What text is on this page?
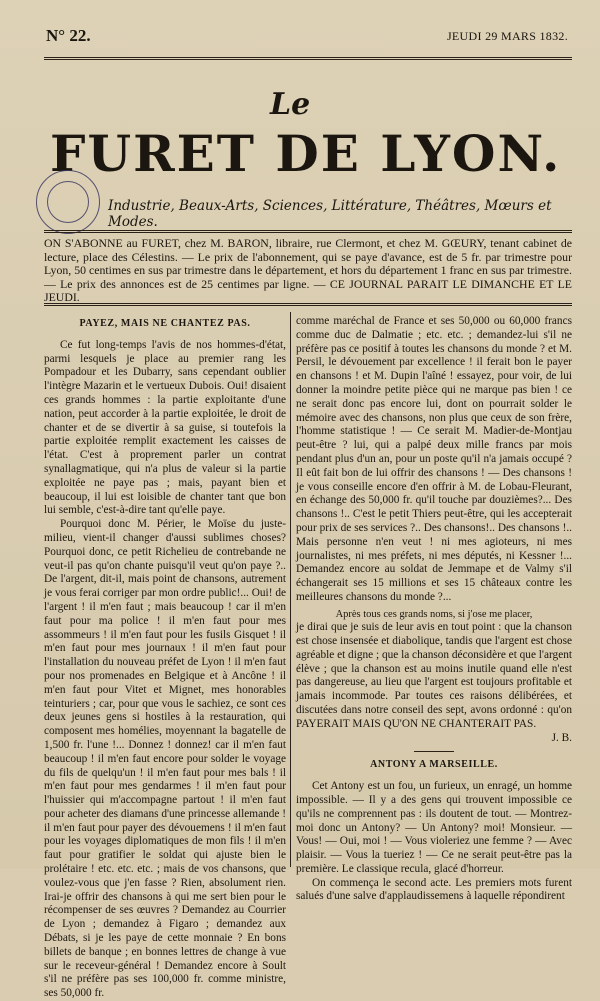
N° 22.	JEUDI 29 MARS 1832.
Le
FURET DE LYON.
Industrie, Beaux-Arts, Sciences, Littérature, Théâtres, Mœurs et Modes.
ON S'ABONNE au FURET, chez M. BARON, libraire, rue Clermont, et chez M. GŒURY, tenant cabinet de lecture, place des Célestins. — Le prix de l'abonnement, qui se paye d'avance, est de 5 fr. par trimestre pour Lyon, 50 centimes en sus par trimestre dans le département, et hors du département 1 franc en sus par trimestre. — Le prix des annonces est de 25 centimes par ligne. — CE JOURNAL PARAIT LE DIMANCHE ET LE JEUDI.
PAYEZ, MAIS NE CHANTEZ PAS.

Ce fut long-temps l'avis de nos hommes-d'état, parmi lesquels je place au premier rang les Pompadour et les Dubarry, sans cependant oublier l'intègre Mazarin et le vertueux Dubois. Oui! disaient ces grands hommes : la partie exploitante d'une nation, peut accorder à la partie exploitée, le droit de chanter et de se divertir à sa guise, si toutefois la partie exploitée remplit exactement les caisses de l'état. C'est à proprement parler un contrat synallagmatique, qui n'a plus de valeur si la partie exploitée ne paye pas ; mais, payant bien et beaucoup, il lui est loisible de chanter tant que bon lui semble, c'est-à-dire tant qu'elle paye.

Pourquoi donc M. Périer, le Moïse du juste-milieu, vient-il changer d'aussi sublimes choses? Pourquoi donc, ce petit Richelieu de contrebande ne veut-il pas qu'on chante puisqu'il veut qu'on paye ?.. De l'argent, dit-il, mais point de chansons, autrement je vous ferai corriger par mon ordre public!... Oui! de l'argent ! il m'en faut ; mais beaucoup ! car il m'en faut pour ma police ! il m'en faut pour mes assommeurs ! il m'en faut pour les fusils Gisquet ! il m'en faut pour mes journaux ! il m'en faut pour l'installation du nouveau préfet de Lyon ! il m'en faut pour nos promenades en Belgique et à Ancône ! il m'en faut pour Vitet et Mignet, mes honorables teinturiers ; car, pour que vous le sachiez, ce sont ces deux jeunes gens si hostiles à la restauration, qui composent mes homélies, moyennant la bagatelle de 1,500 fr. l'une !... Donnez ! donnez! car il m'en faut beaucoup ! il m'en faut encore pour solder le voyage du fils de quelqu'un ! il m'en faut pour mes bals ! il m'en faut pour mes gendarmes ! il m'en faut pour l'huissier qui m'accompagne partout ! il m'en faut pour acheter des diamans d'une princesse allemande ! il m'en faut pour payer des dévouemens ! il m'en faut pour les voyages diplomatiques de mon fils ! il m'en faut pour gratifier le soldat qui ajuste bien le prolétaire ! etc. etc. etc. ; mais de vos chansons, que voulez-vous que j'en fasse ? Rien, absolument rien. Irai-je offrir des chansons à qui me sert bien pour le récompenser de ses œuvres ? Demandez au Courrier de Lyon ; demandez à Figaro ; demandez aux Débats, si je les paye de cette monnaie ? En bons billets de banque ; en bonnes lettres de change à vue sur le receveur-général ! Demandez encore à Soult s'il ne préfère pas ses 100,000 fr. comme ministre, ses 50,000 fr.

comme maréchal de France et ses 50,000 ou 60,000 francs comme duc de Dalmatie ; etc. etc. ; demandez-lui s'il ne préfère pas ce positif à toutes les chansons du monde ? et M. Persil, le dévouement par excellence ! il ferait bon le payer en chansons ! et M. Dupin l'aîné ! essayez, pour voir, de lui donner la moindre petite pièce qui ne marque pas bien ! ce ne serait donc pas encore lui, dont on pourrait solder le mémoire avec des chansons, non plus que ceux de son frère, l'homme statistique ! — Ce serait M. Madier-de-Montjau peut-être ? lui, qui a palpé deux mille francs par mois pendant plus d'un an, pour un poste qu'il n'a jamais occupé ? Il eût fait bon de lui offrir des chansons ! — Des chansons ! je vous conseille encore d'en offrir à M. de Lobau-Fleurant, en échange des 50,000 fr. qu'il touche par douzièmes?... Des chansons !.. C'est le petit Thiers peut-être, qui les accepterait pour prix de ses services ?.. Des chansons!.. Des chansons !.. Mais personne n'en veut ! ni mes agioteurs, ni mes journalistes, ni mes préfets, ni mes députés, ni Kessner !... Demandez encore au soldat de Jemmape et de Valmy s'il échangerait ses 15 millions et ses 15 châteaux contre les meilleures chansons du monde ?...

Après tous ces grands noms, si j'ose me placer,

je dirai que je suis de leur avis en tout point : que la chanson est chose insensée et diabolique, tandis que l'argent est chose agréable et digne ; que la chanson déconsidère et que l'argent élève ; que la chanson est au moins inutile quand elle n'est pas dangereuse, au lieu que l'argent est toujours profitable et jamais incommode. Par toutes ces raisons délibérées, et discutées dans notre conseil des sept, avons ordonné : qu'on PAYERAIT MAIS QU'ON NE CHANTERAIT PAS.

J. B.

ANTONY A MARSEILLE.

Cet Antony est un fou, un furieux, un enragé, un homme impossible. — Il y a des gens qui trouvent impossible ce qu'ils ne comprennent pas : ils doutent de tout. — Montrez-moi donc un Antony? — Un Antony? moi! Monsieur. — Vous! — Oui, moi ! — Vous violeriez une femme ? — Avec plaisir. — Vous la tueriez ! — Ce ne serait peut-être pas la première. Le classique recula, glacé d'horreur.

On commença le second acte. Les premiers mots furent salués d'une salve d'applaudissemens à laquelle répondirent
